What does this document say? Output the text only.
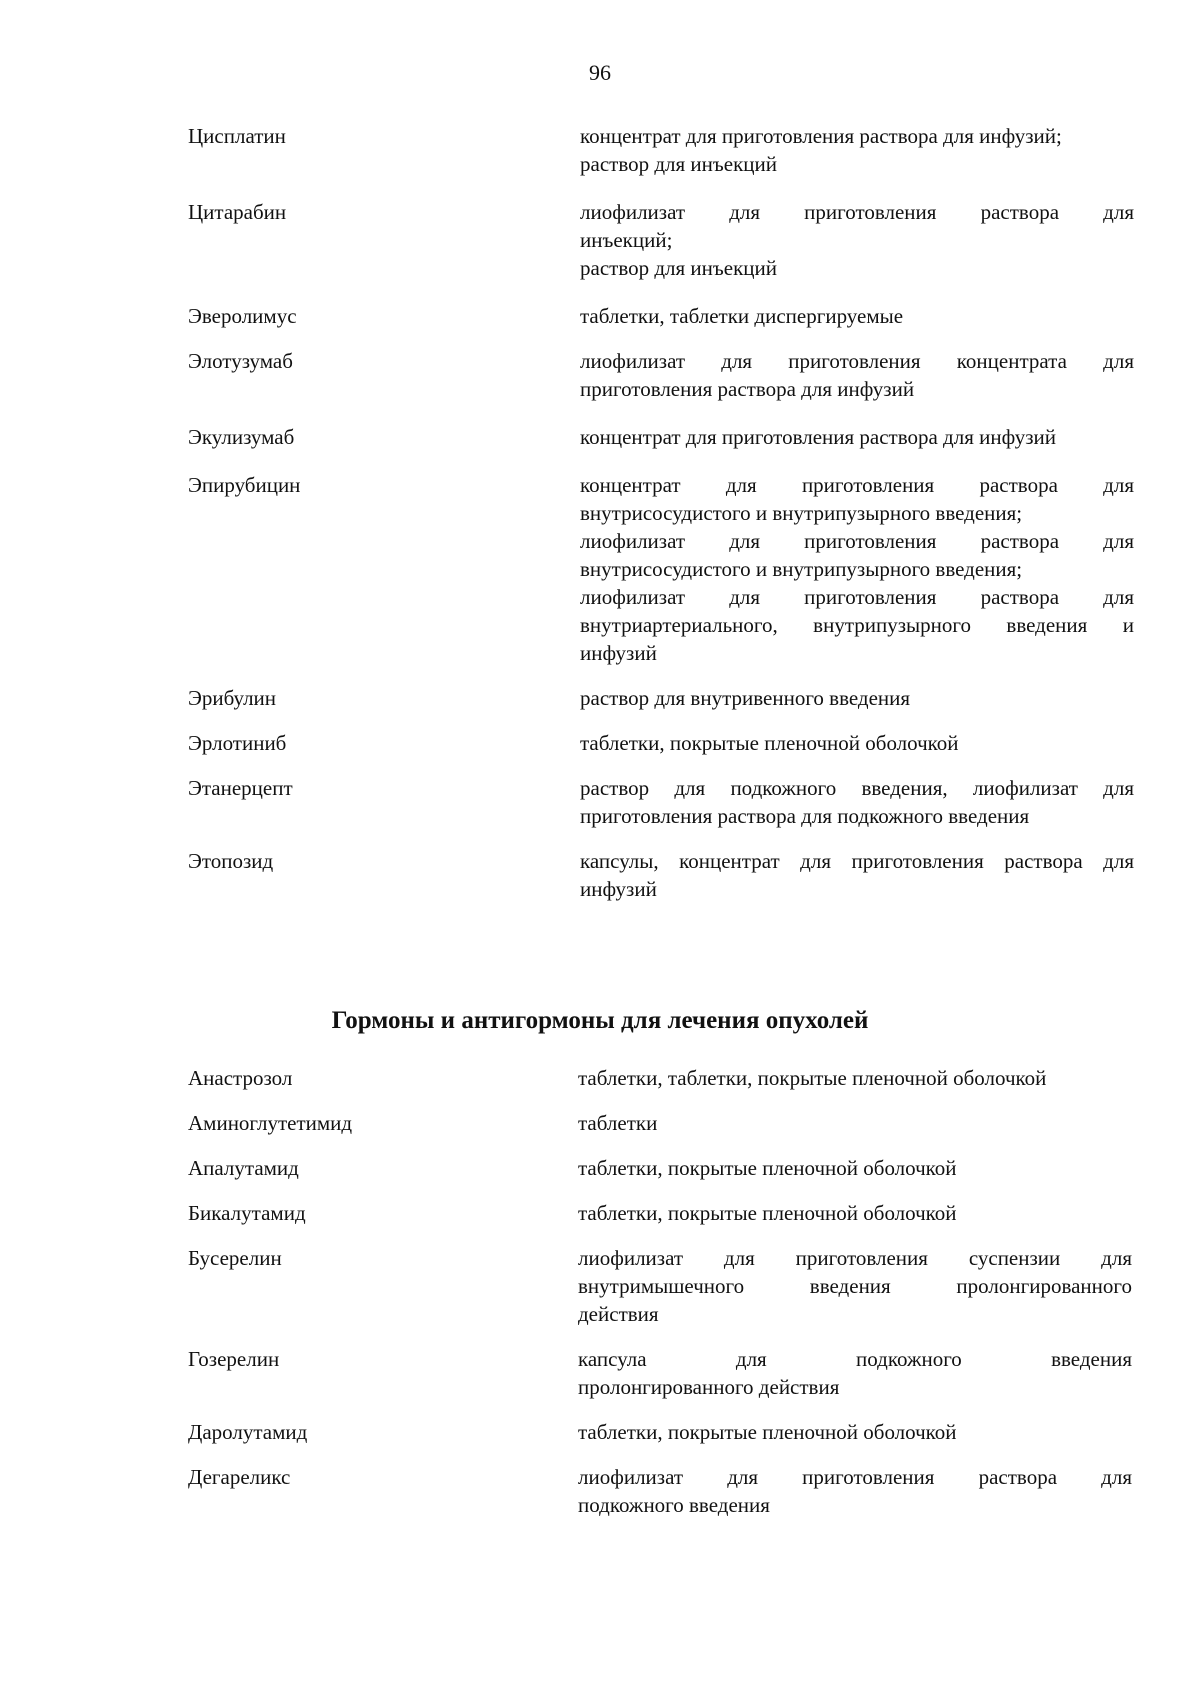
96
Цисплатин	концентрат для приготовления раствора для инфузий;
раствор для инъекций
Цитарабин	лиофилизат для приготовления раствора для
инъекций;
раствор для инъекций
Эверолимус	таблетки, таблетки диспергируемые
Элотузумаб	лиофилизат для приготовления концентрата для
приготовления раствора для инфузий
Экулизумаб	концентрат для приготовления раствора для инфузий
Эпирубицин	концентрат для приготовления раствора для
внутрисосудистого и внутрипузырного введения;
лиофилизат для приготовления раствора для
внутрисосудистого и внутрипузырного введения;
лиофилизат для приготовления раствора для
внутриартериального, внутрипузырного введения и
инфузий
Эрибулин	раствор для внутривенного введения
Эрлотиниб	таблетки, покрытые пленочной оболочкой
Этанерцепт	раствор для подкожного введения, лиофилизат для
приготовления раствора для подкожного введения
Этопозид	капсулы, концентрат для приготовления раствора для
инфузий
Гормоны и антигормоны для лечения опухолей
Анастрозол	таблетки, таблетки, покрытые пленочной оболочкой
Аминоглутетимид	таблетки
Апалутамид	таблетки, покрытые пленочной оболочкой
Бикалутамид	таблетки, покрытые пленочной оболочкой
Бусерелин	лиофилизат для приготовления суспензии для
внутримышечного введения пролонгированного
действия
Гозерелин	капсула для подкожного введения
пролонгированного действия
Даролутамид	таблетки, покрытые пленочной оболочкой
Дегареликс	лиофилизат для приготовления раствора для
подкожного введения
